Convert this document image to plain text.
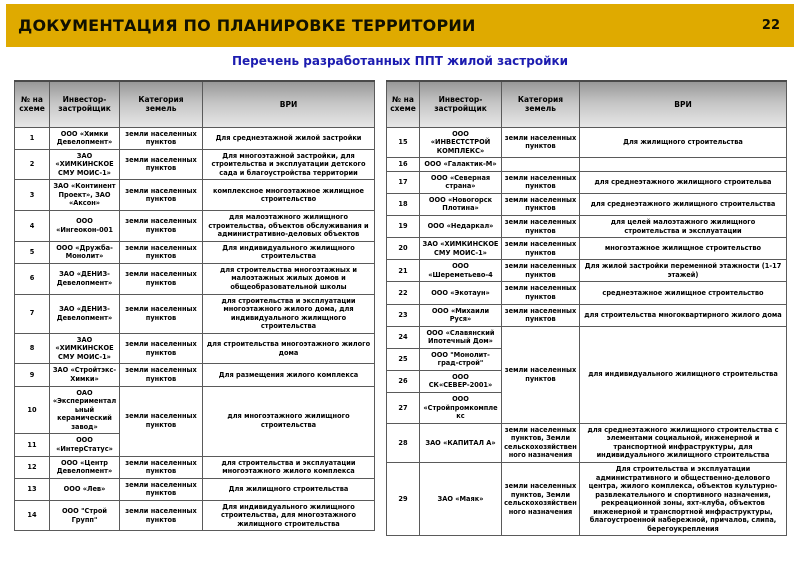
ДОКУМЕНТАЦИЯ ПО ПЛАНИРОВКЕ ТЕРРИТОРИИ	22
Перечень разработанных ППТ жилой застройки
№ на схеме	Инвестор-застройщик	Категория земель	ВРИ
1	ООО «Химки Девелопмент»	земли населенных пунктов	Для среднеэтажной жилой застройки
2	ЗАО «ХИМКИНСКОЕ СМУ МОИС-1»	земли населенных пунктов	Для многоэтажной застройки, для строительства и эксплуатации детского сада и благоустройства территории
3	ЗАО «Континент Проект», ЗАО «Аксон»	земли населенных пунктов	комплексное многоэтажное жилищное строительство
4	ООО «Ингеокон-001	земли населенных пунктов	для малоэтажного жилищного строительства, объектов обслуживания и административно-деловых объектов
5	ООО «Дружба-Монолит»	земли населенных пунктов	Для индивидуального жилищного строительства
6	ЗАО «ДЕНИЗ-Девелопмент»	земли населенных пунктов	для строительства многоэтажных и малоэтажных жилых домов и общеобразовательной школы
7	ЗАО «ДЕНИЗ-Девелопмент»	земли населенных пунктов	для строительства и эксплуатации многоэтажного жилого дома, для индивидуального жилищного строительства
8	ЗАО «ХИМКИНСКОЕ СМУ МОИС-1»	земли населенных пунктов	для строительства многоэтажного жилого дома
9	ЗАО «Стройтэкс-Химки»	земли населенных пунктов	Для размещения жилого комплекса
10	ОАО «Экспериментальный керамический завод»	земли населенных пунктов	для многоэтажного жилищного строительства
11	ООО «ИнтерСтатус»		
12	ООО «Центр Девелопмент»	земли населенных пунктов	для строительства и эксплуатации многоэтажного жилого комплекса
13	ООО «Лев»	земли населенных пунктов	Для жилищного строительства
14	ООО "Строй Групп"	земли населенных пунктов	Для индивидуального жилищного строительства, для многоэтажного жилищного строительства
№ на схеме	Инвестор-застройщик	Категория земель	ВРИ
15	ООО «ИНВЕСТСТРОЙ КОМПЛЕКС»	земли населенных пунктов	Для жилищного строительства
16	ООО «Галактик-М»		
17	ООО «Северная страна»	земли населенных пунктов	для среднеэтажного жилищного строительва
18	ООО «Новогорск Плотина»	земли населенных пунктов	для среднеэтажного жилищного строительства
19	ООО «Недаркал»	земли населенных пунктов	для целей малоэтажного жилищного строительства и эксплуатации
20	ЗАО «ХИМКИНСКОЕ СМУ МОИС-1»	земли населенных пунктов	многоэтажное жилищное строительство
21	ООО «Шереметьево-4	земли населенных пунктов	Для жилой застройки переменной этажности (1-17 этажей)
22	ООО «Экотаун»	земли населенных пунктов	среднеэтажное жилищное строительство
23	ООО «Михаили Руся»	земли населенных пунктов	для строительства многоквартирного жилого дома
24	ООО «Славянский Ипотечный Дом»	земли населенных пунктов	для индивидуального жилищного строительства
25	ООО "Монолит-град-строй"		
26	ООО СК«СЕВЕР-2001»		
27	ООО «Стройпромкомплекс		
28	ЗАО «КАПИТАЛ А»	земли населенных пунктов, Земли сельскохозяйственного назначения	для среднеэтажного жилищного строительства с элементами социальной, инженерной и транспортной инфраструктуры, для индивидуального жилищного строительства
29	ЗАО «Маяк»	земли населенных пунктов, Земли сельскохозяйственного назначения	Для строительства и эксплуатации административного и общественно-делового центра, жилого комплекса, объектов культурно-развлекательного и спортивного назначения, рекреационной зоны, яхт-клуба, объектов инженерной и транспортной инфраструктуры, благоустроенной набережной, причалов, слипа, берегоукрепления
